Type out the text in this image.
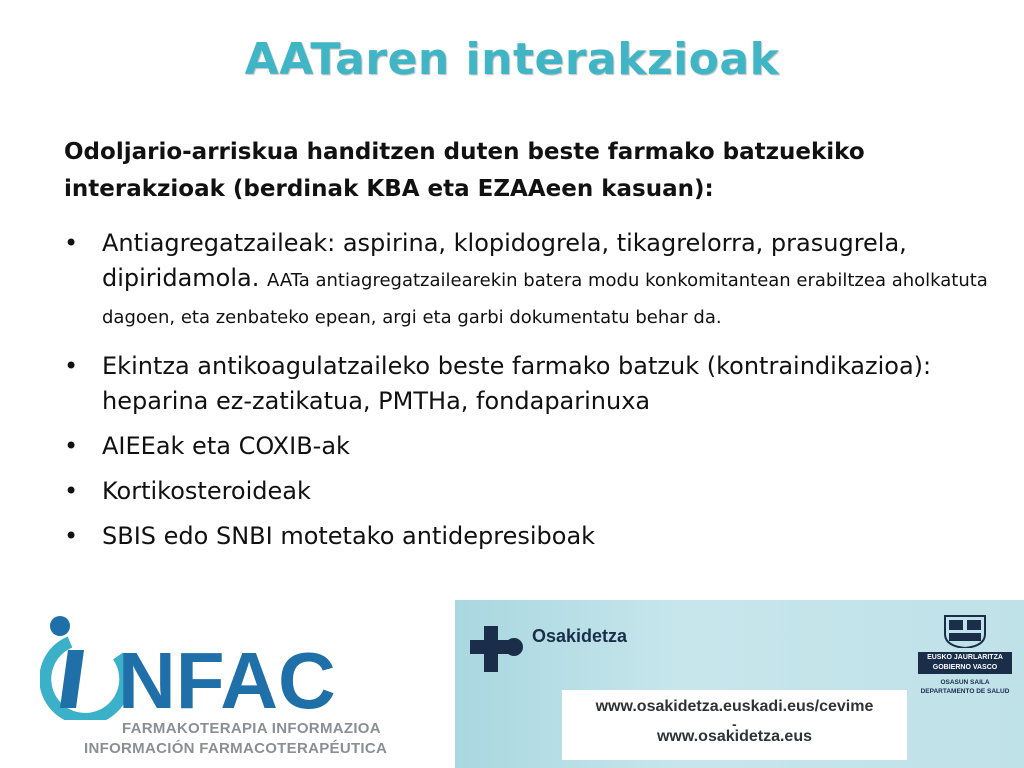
AATaren interakzioak
Odoljario-arriskua handitzen duten beste farmako batzuekiko interakzioak (berdinak KBA eta EZAAeen kasuan):
• Antiagregatzaileak: aspirina, klopidogrela, tikagrelorra, prasugrela, dipiridamola. AATa antiagregatzailearekin batera modu konkomitantean erabiltzea aholkatuta dagoen, eta zenbateko epean, argi eta garbi dokumentatu behar da.
• Ekintza antikoagulatzaileko beste farmako batzuk (kontraindikazioa): heparina ez-zatikatua, PMTHa, fondaparinuxa
• AIEEak eta COXIB-ak
• Kortikosteroideak
• SBIS edo SNBI motetako antidepresiboak
NFAC
FARMAKOTERAPIA INFORMAZIOA
INFORMACIÓN FARMACOTERAPÉUTICA
Osakidetza
www.osakidetza.euskadi.eus/cevime
-
www.osakidetza.eus
EUSKO JAURLARITZA
GOBIERNO VASCO
OSASUN SAILA
DEPARTAMENTO DE SALUD
